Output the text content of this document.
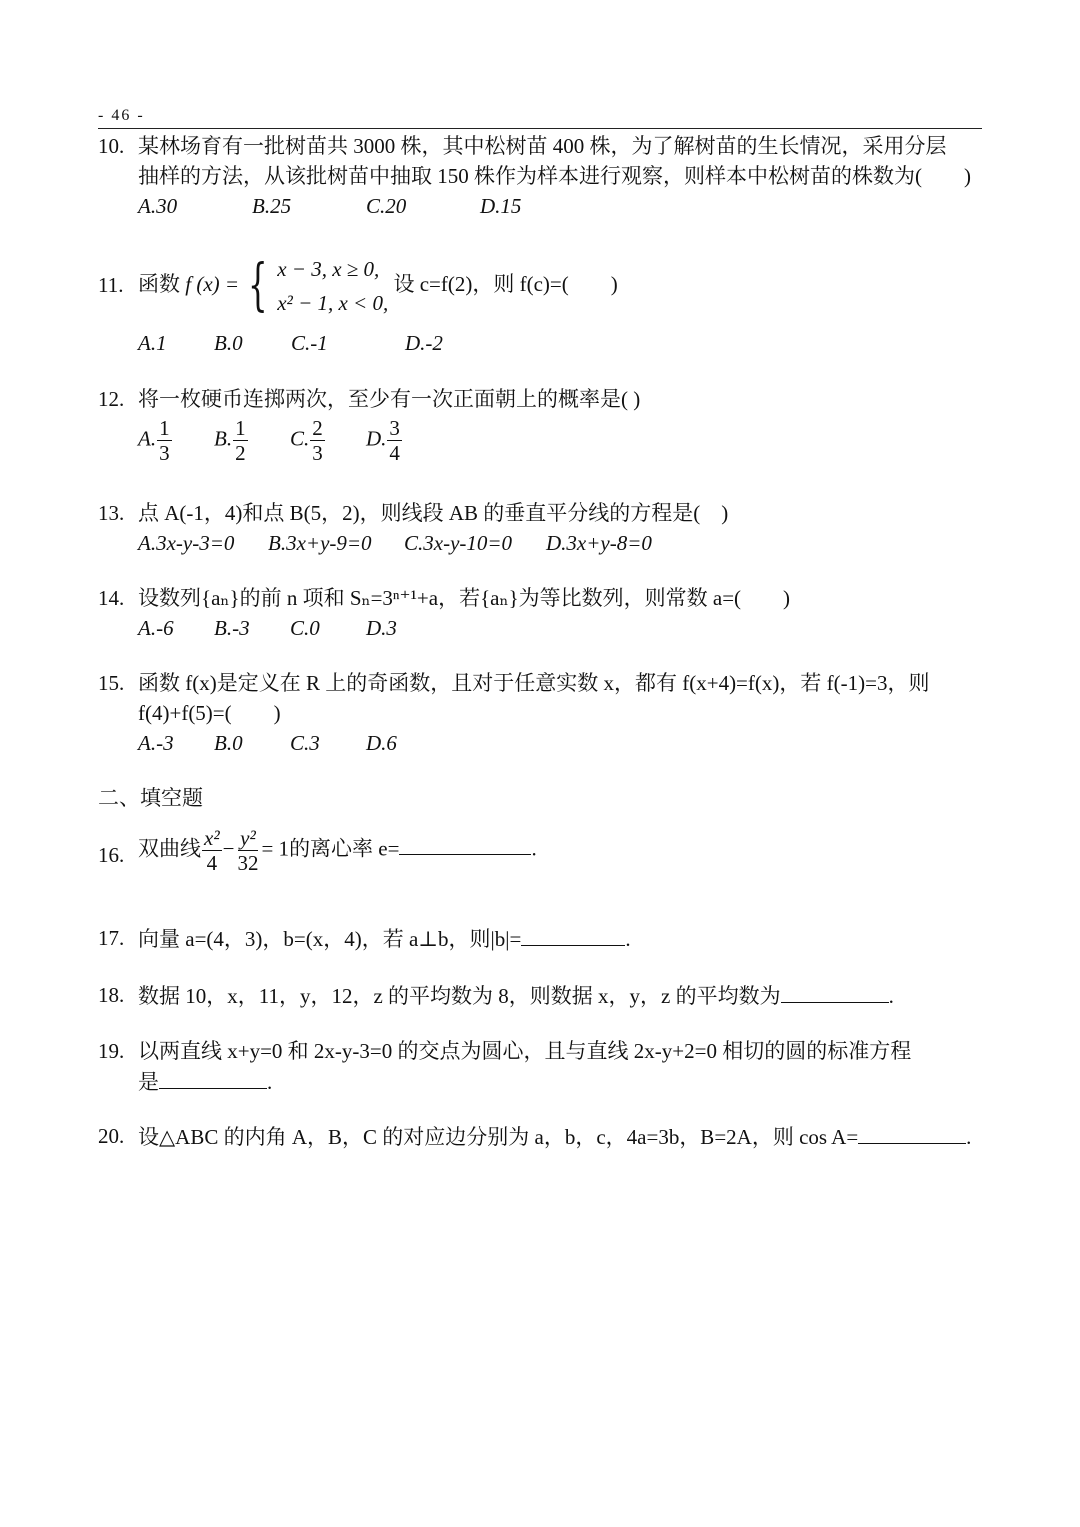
- 46 -
10. 某林场育有一批树苗共 3000 株，其中松树苗 400 株，为了解树苗的生长情况，采用分层
抽样的方法，从该批树苗中抽取 150 株作为样本进行观察，则样本中松树苗的株数为(　　)
A.30	B.25	C.20	D.15
11. 函数 f (x) = { x − 3, x ≥ 0,
x² − 1, x < 0,
设 c=f(2)，则 f(c)=(　　)
A.1	B.0	C.-1	D.-2
12. 将一枚硬币连掷两次，至少有一次正面朝上的概率是( )
A. $\frac{1}{3} B$. $\frac{1}{2} C$. $\frac{2}{3} D$. $\frac{3}{4}$
13. 点 A(-1，4)和点 B(5，2)，则线段 AB 的垂直平分线的方程是(　)
A.3x-y-3=0	B.3x+y-9=0	C.3x-y-10=0	D.3x+y-8=0
14. 设数列{aₙ}的前 n 项和 Sₙ=3ⁿ⁺¹+a，若{aₙ}为等比数列，则常数 a=(　　)
A.-6	B.-3	C.0	D.3
15. 函数 f(x)是定义在 R 上的奇函数，且对于任意实数 x，都有 f(x+4)=f(x)，若 f(-1)=3，则
f(4)+f(5)=(　　)
A.-3	B.0	C.3	D.6
二、填空题
16. 双曲线 $\frac{\text{x²}}{4} - \frac{\text{y²}}{32} = 1$的离心率 e=	.
17. 向量 a=(4，3)，b=(x，4)，若 a⊥b，则|b|=	.
18. 数据 10，x，11，y，12，z 的平均数为 8，则数据 x，y，z 的平均数为	.
19. 以两直线 x+y=0 和 2x-y-3=0 的交点为圆心，且与直线 2x-y+2=0 相切的圆的标准方程
是	.
20. 设△ABC 的内角 A，B，C 的对应边分别为 a，b，c，4a=3b，B=2A，则 cos A=	.
